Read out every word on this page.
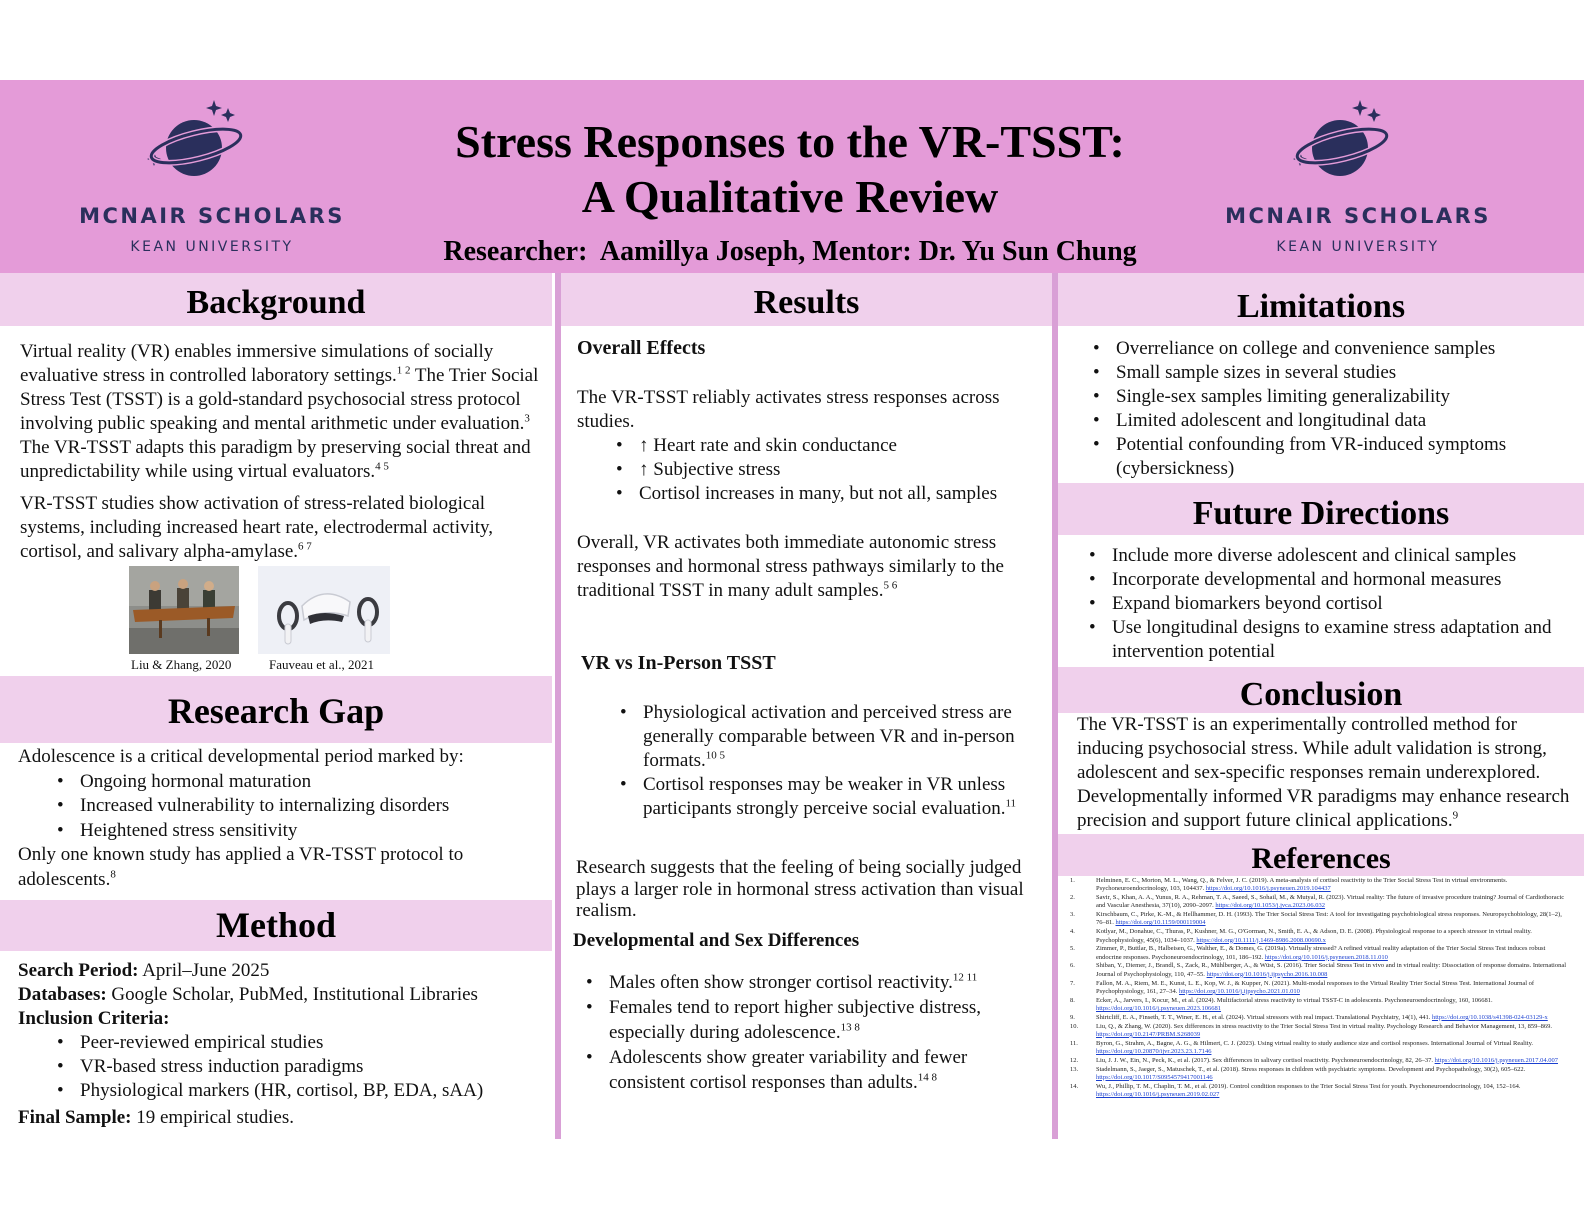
MCNAIR SCHOLARS
KEAN UNIVERSITY
Stress Responses to the VR-TSST:
A Qualitative Review
Researcher:  Aamillya Joseph, Mentor: Dr. Yu Sun Chung
MCNAIR SCHOLARS
KEAN UNIVERSITY
Background

Virtual reality (VR) enables immersive simulations of socially evaluative stress in controlled laboratory settings.$^{1 2}$ The Trier Social Stress Test (TSST) is a gold-standard psychosocial stress protocol involving public speaking and mental arithmetic under evaluation.$^3$ The VR-TSST adapts this paradigm by preserving social threat and unpredictability while using virtual evaluators.$^{4 5}$

VR-TSST studies show activation of stress-related biological systems, including increased heart rate, electrodermal activity, cortisol, and salivary alpha-amylase.$^{6 7}$

Liu & Zhang, 2020	Fauveau et al., 2021
Research Gap
Adolescence is a critical developmental period marked by:
• Ongoing hormonal maturation
• Increased vulnerability to internalizing disorders
• Heightened stress sensitivity
Only one known study has applied a VR-TSST protocol to adolescents.$^8$
Method
Search Period: April–June 2025
Databases: Google Scholar, PubMed, Institutional Libraries
Inclusion Criteria:
• Peer-reviewed empirical studies
• VR-based stress induction paradigms
• Physiological markers (HR, cortisol, BP, EDA, sAA)
Final Sample: 19 empirical studies.
Results
Overall Effects
The VR-TSST reliably activates stress responses across studies.
• ↑ Heart rate and skin conductance
• ↑ Subjective stress
• Cortisol increases in many, but not all, samples
Overall, VR activates both immediate autonomic stress responses and hormonal stress pathways similarly to the traditional TSST in many adult samples.$^{5 6}$
VR vs In-Person TSST
• Physiological activation and perceived stress are generally comparable between VR and in-person formats.$^{10 5}$
• Cortisol responses may be weaker in VR unless participants strongly perceive social evaluation.$^{11}$
Research suggests that the feeling of being socially judged plays a larger role in hormonal stress activation than visual realism.
Developmental and Sex Differences
• Males often show stronger cortisol reactivity.$^{12 11}$
• Females tend to report higher subjective distress, especially during adolescence.$^{13 8}$
• Adolescents show greater variability and fewer consistent cortisol responses than adults.$^{14 8}$
Limitations
• Overreliance on college and convenience samples
• Small sample sizes in several studies
• Single-sex samples limiting generalizability
• Limited adolescent and longitudinal data
• Potential confounding from VR-induced symptoms (cybersickness)
Future Directions
• Include more diverse adolescent and clinical samples
• Incorporate developmental and hormonal measures
• Expand biomarkers beyond cortisol
• Use longitudinal designs to examine stress adaptation and intervention potential
Conclusion
The VR-TSST is an experimentally controlled method for inducing psychosocial stress. While adult validation is strong, adolescent and sex-specific responses remain underexplored. Developmentally informed VR paradigms may enhance research precision and support future clinical applications.$^9$
References
1.	Helminen, E. C., Morton, M. L., Wang, Q., & Felver, J. C. (2019). A meta-analysis of cortisol reactivity to the Trier Social Stress Test in virtual environments. Psychoneuroendocrinology, 103, 104437. https://doi.org/10.1016/j.psyneuen.2019.104437
2.	Savir, S., Khan, A. A., Yunus, R. A., Rehman, T. A., Saeed, S., Sohail, M., & Mutyal, R. (2023). Virtual reality: The future of invasive procedure training? Journal of Cardiothoracic and Vascular Anesthesia, 37(10), 2090–2097. https://doi.org/10.1053/j.jvca.2023.06.032
3.	Kirschbaum, C., Pirke, K.-M., & Hellhammer, D. H. (1993). The Trier Social Stress Test: A tool for investigating psychobiological stress responses. Neuropsychobiology, 28(1–2), 76–81. https://doi.org/10.1159/000119004
4.	Kotlyar, M., Donahue, C., Thuras, P., Kushner, M. G., O'Gorman, N., Smith, E. A., & Adson, D. E. (2008). Physiological response to a speech stressor in virtual reality. Psychophysiology, 45(6), 1034–1037. https://doi.org/10.1111/j.1469-8986.2008.00690.x
5.	Zimmer, P., Buttlar, B., Halbeisen, G., Walther, E., & Domes, G. (2019a). Virtually stressed? A refined virtual reality adaptation of the Trier Social Stress Test induces robust endocrine responses. Psychoneuroendocrinology, 101, 186–192. https://doi.org/10.1016/j.psyneuen.2018.11.010
6.	Shiban, Y., Diemer, J., Brandl, S., Zack, R., Mühlberger, A., & Wüst, S. (2016). Trier Social Stress Test in vivo and in virtual reality: Dissociation of response domains. International Journal of Psychophysiology, 110, 47–55. https://doi.org/10.1016/j.ijpsycho.2016.10.008
7.	Fallon, M. A., Riem, M. E., Kunst, L. E., Kop, W. J., & Kupper, N. (2021). Multi-modal responses to the Virtual Reality Trier Social Stress Test. International Journal of Psychophysiology, 161, 27–34. https://doi.org/10.1016/j.ijpsycho.2021.01.010
8.	Ecker, A., Jarvers, I., Kocur, M., et al. (2024). Multifactorial stress reactivity to virtual TSST-C in adolescents. Psychoneuroendocrinology, 160, 106681. https://doi.org/10.1016/j.psyneuen.2023.106681
9.	Shirtcliff, E. A., Finseth, T. T., Winer, E. H., et al. (2024). Virtual stressors with real impact. Translational Psychiatry, 14(1), 441. https://doi.org/10.1038/s41398-024-03129-x
10.	Liu, Q., & Zhang, W. (2020). Sex differences in stress reactivity to the Trier Social Stress Test in virtual reality. Psychology Research and Behavior Management, 13, 859–869. https://doi.org/10.2147/PRBM.S268039
11.	Byron, G., Strahm, A., Bagne, A. G., & Hilmert, C. J. (2023). Using virtual reality to study audience size and cortisol responses. International Journal of Virtual Reality. https://doi.org/10.20870/ijvr.2023.23.1.7146
12.	Liu, J. J. W., Ein, N., Peck, K., et al. (2017). Sex differences in salivary cortisol reactivity. Psychoneuroendocrinology, 82, 26–37. https://doi.org/10.1016/j.psyneuen.2017.04.007
13.	Stadelmann, S., Jaeger, S., Matuschek, T., et al. (2018). Stress responses in children with psychiatric symptoms. Development and Psychopathology, 30(2), 605–622. https://doi.org/10.1017/S0954579417001146
14.	Wu, J., Phillip, T. M., Chaplin, T. M., et al. (2019). Control condition responses to the Trier Social Stress Test for youth. Psychoneuroendocrinology, 104, 152–164. https://doi.org/10.1016/j.psyneuen.2019.02.027
